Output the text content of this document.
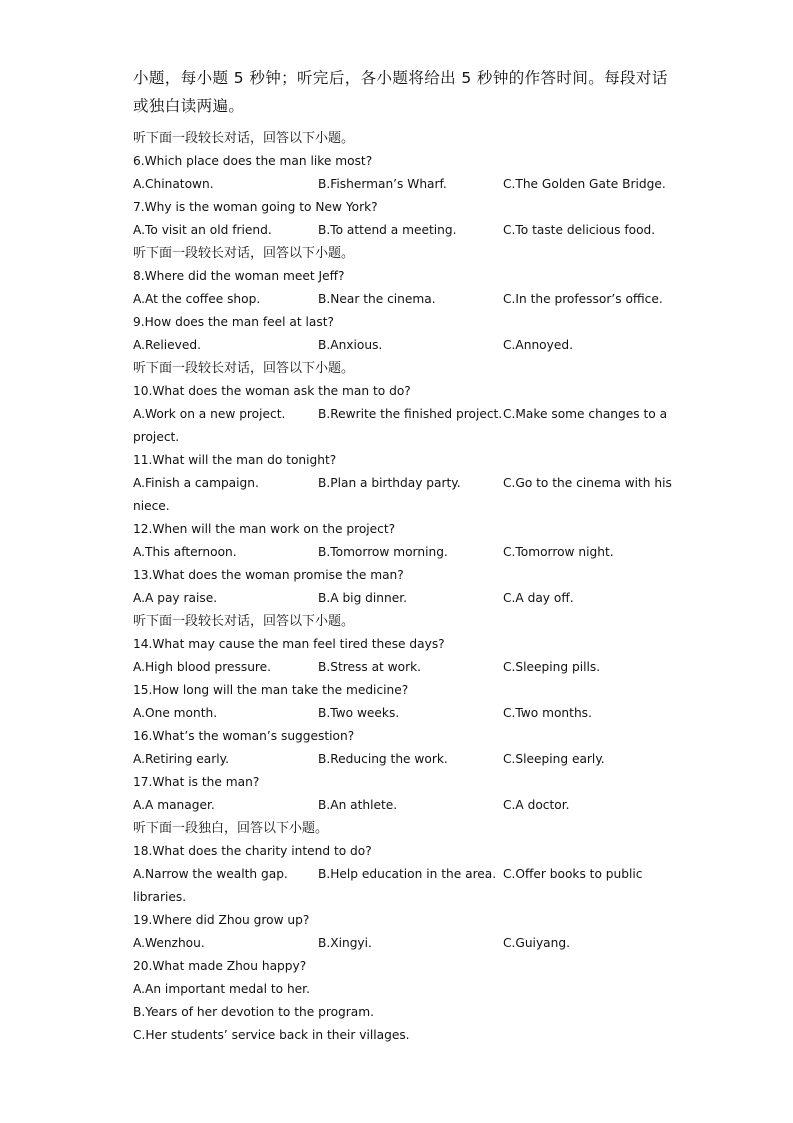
小题，每小题 5 秒钟；听完后，各小题将给出 5 秒钟的作答时间。每段对话
或独白读两遍。
听下面一段较长对话，回答以下小题。
6.Which place does the man like most?
A.Chinatown.	B.Fisherman’s Wharf.	C.The Golden Gate Bridge.
7.Why is the woman going to New York?
A.To visit an old friend.	B.To attend a meeting.	C.To taste delicious food.
听下面一段较长对话，回答以下小题。
8.Where did the woman meet Jeff?
A.At the coffee shop.	B.Near the cinema.	C.In the professor’s office.
9.How does the man feel at last?
A.Relieved.	B.Anxious.	C.Annoyed.
听下面一段较长对话，回答以下小题。
10.What does the woman ask the man to do?
A.Work on a new project.	B.Rewrite the finished project. C.Make some changes to a
project.
11.What will the man do tonight?
A.Finish a campaign.	B.Plan a birthday party.	C.Go to the cinema with his
niece.
12.When will the man work on the project?
A.This afternoon.	B.Tomorrow morning.	C.Tomorrow night.
13.What does the woman promise the man?
A.A pay raise.	B.A big dinner.	C.A day off.
听下面一段较长对话，回答以下小题。
14.What may cause the man feel tired these days?
A.High blood pressure.	B.Stress at work.	C.Sleeping pills.
15.How long will the man take the medicine?
A.One month.	B.Two weeks.	C.Two months.
16.What’s the woman’s suggestion?
A.Retiring early.	B.Reducing the work.	C.Sleeping early.
17.What is the man?
A.A manager.	B.An athlete.	C.A doctor.
听下面一段独白，回答以下小题。
18.What does the charity intend to do?
A.Narrow the wealth gap. B.Help education in the area. C.Offer books to public
libraries.
19.Where did Zhou grow up?
A.Wenzhou.	B.Xingyi.	C.Guiyang.
20.What made Zhou happy?
A.An important medal to her.
B.Years of her devotion to the program.
C.Her students’ service back in their villages.
